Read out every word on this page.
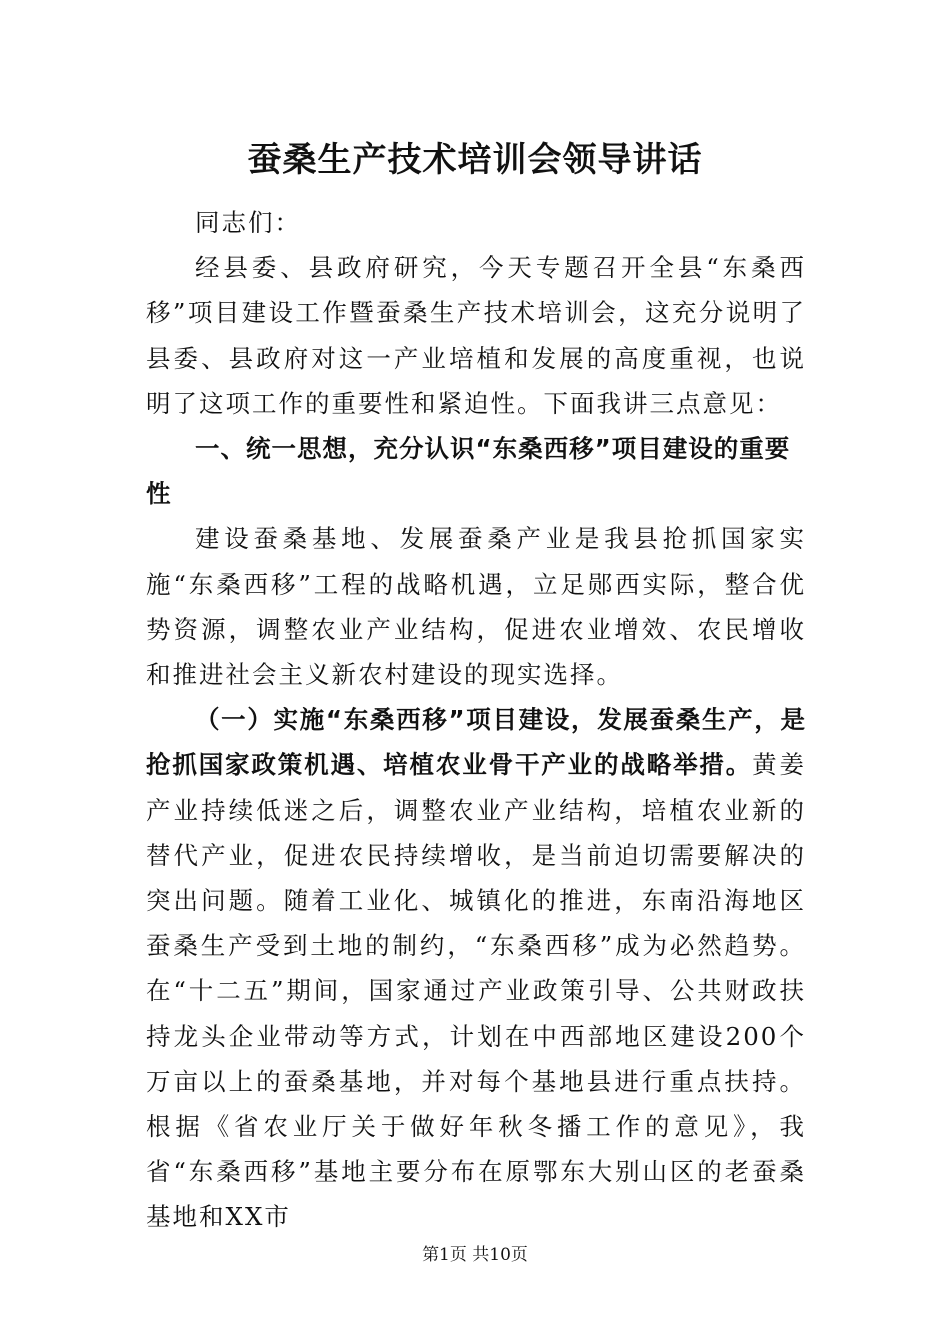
蚕桑生产技术培训会领导讲话

同志们：

经县委、县政府研究，今天专题召开全县“东桑西移”项目建设工作暨蚕桑生产技术培训会，这充分说明了县委、县政府对这一产业培植和发展的高度重视，也说明了这项工作的重要性和紧迫性。下面我讲三点意见：

一、统一思想，充分认识“东桑西移”项目建设的重要性

建设蚕桑基地、发展蚕桑产业是我县抢抓国家实施“东桑西移”工程的战略机遇，立足郧西实际，整合优势资源，调整农业产业结构，促进农业增效、农民增收和推进社会主义新农村建设的现实选择。

（一）实施“东桑西移”项目建设，发展蚕桑生产，是抢抓国家政策机遇、培植农业骨干产业的战略举措。黄姜产业持续低迷之后，调整农业产业结构，培植农业新的替代产业，促进农民持续增收，是当前迫切需要解决的突出问题。随着工业化、城镇化的推进，东南沿海地区蚕桑生产受到土地的制约，“东桑西移”成为必然趋势。在“十二五”期间，国家通过产业政策引导、公共财政扶持龙头企业带动等方式，计划在中西部地区建设200个万亩以上的蚕桑基地，并对每个基地县进行重点扶持。根据《省农业厅关于做好年秋冬播工作的意见》，我省“东桑西移”基地主要分布在原鄂东大别山区的老蚕桑基地和XX市

第1页 共10页
